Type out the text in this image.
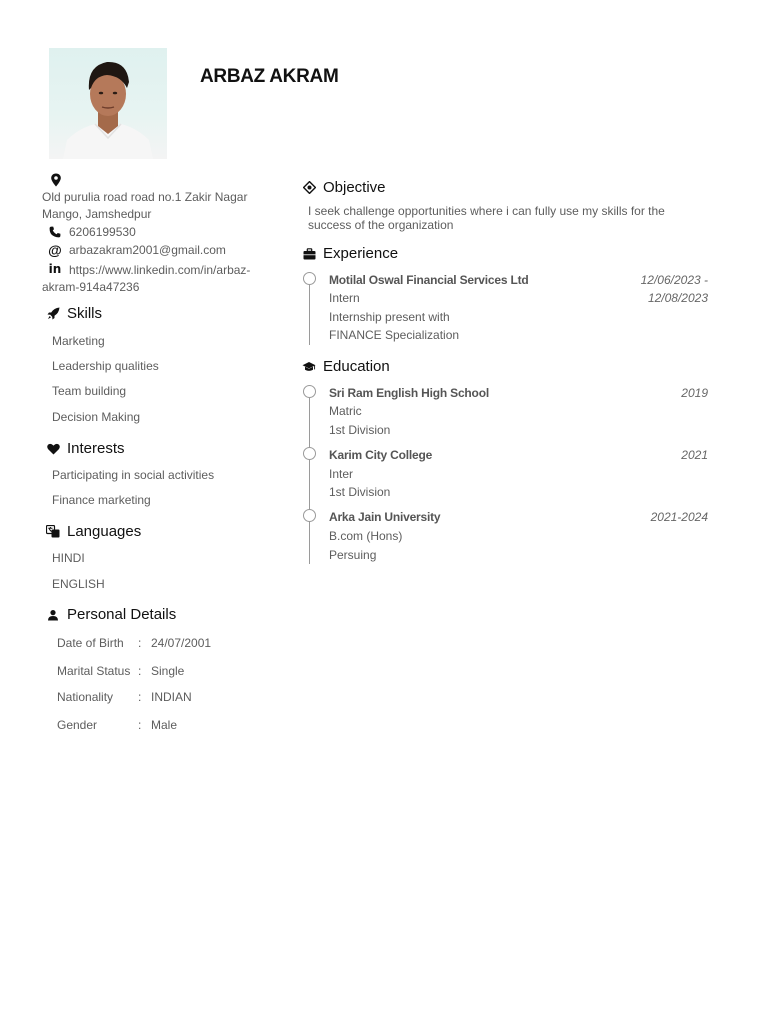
ARBAZ AKRAM
Old purulia road road no.1 Zakir Nagar Mango, Jamshedpur
6206199530
@ arbazakram2001@gmail.com
in https://www.linkedin.com/in/arbaz-akram-914a47236
Skills
Marketing
Leadership qualities
Team building
Decision Making
Interests
Participating in social activities
Finance marketing
Languages
HINDI
ENGLISH
Personal Details
Date of Birth : 24/07/2001
Marital Status : Single
Nationality : INDIAN
Gender	: Male
Objective
I seek challenge opportunities where i can fully use my skills for the success of the organization
Experience
Motilal Oswal Financial Services Ltd	12/06/2023 -
12/08/2023
Intern
Internship present with
FINANCE Specialization
Education
Sri Ram English High School	2019
Matric
1st Division
Karim City College	2021
Inter
1st Division
Arka Jain University	2021-2024
B.com (Hons)
Persuing
